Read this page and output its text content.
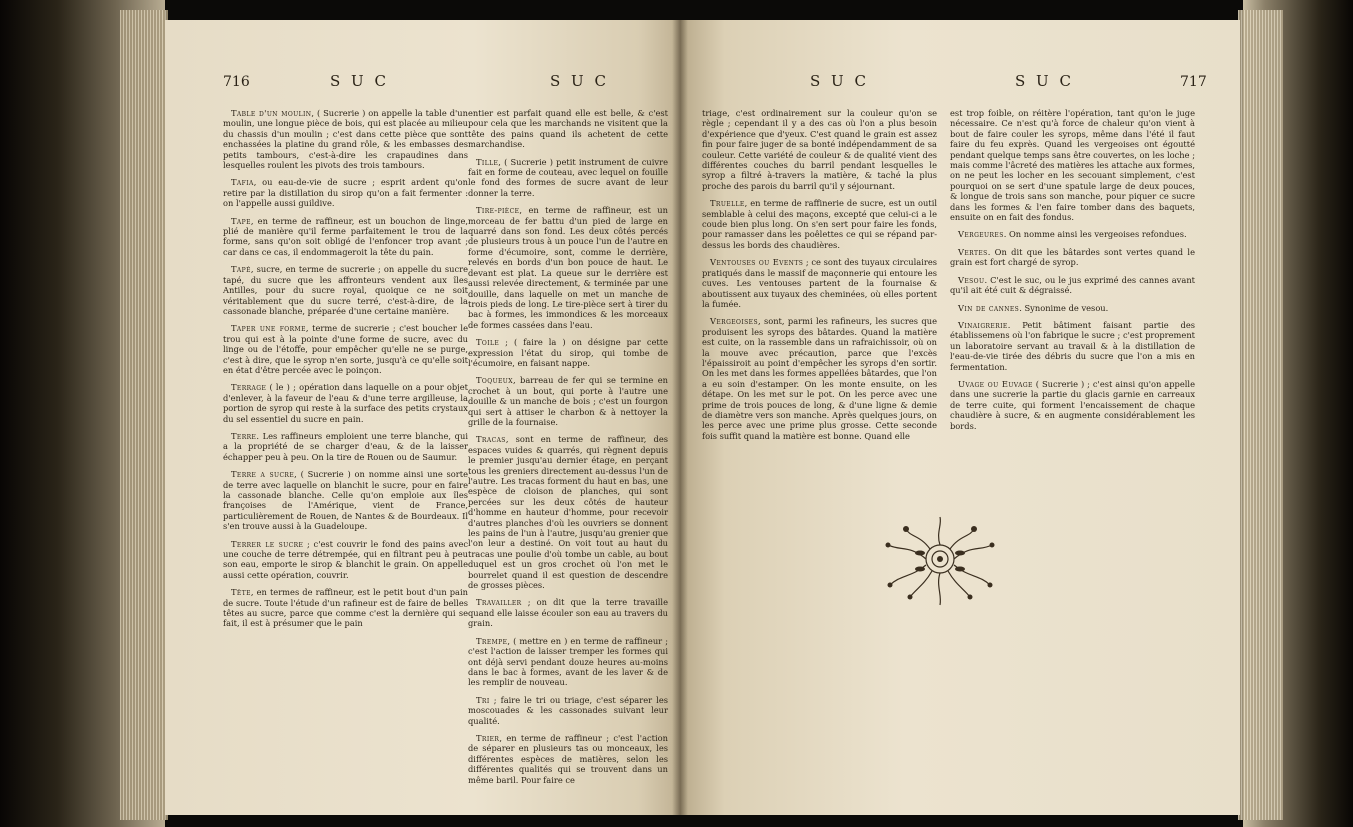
716	S U C	S U C

Table d'un moulin, ( Sucrerie ) on appelle la table d'un moulin, une longue pièce de bois, qui est placée au milieu du chassis d'un moulin ; c'est dans cette pièce que sont enchassées la platine du grand rôle, & les embasses des petits tambours, c'est-à-dire les crapaudines dans lesquelles roulent les pivots des trois tambours.

Tafia, ou eau-de-vie de sucre ; esprit ardent qu'on retire par la distillation du sirop qu'on a fait fermenter : on l'appelle aussi guildive.

Tape, en terme de raffineur, est un bouchon de linge, plié de manière qu'il ferme parfaitement le trou de la forme, sans qu'on soit obligé de l'enfoncer trop avant ; car dans ce cas, il endommageroit la tête du pain.

Tapé, sucre, en terme de sucrerie ; on appelle du sucre tapé, du sucre que les affronteurs vendent aux îles Antilles, pour du sucre royal, quoique ce ne soit véritablement que du sucre terré, c'est-à-dire, de la cassonade blanche, préparée d'une certaine manière.

Taper une forme, terme de sucrerie ; c'est boucher le trou qui est à la pointe d'une forme de sucre, avec du linge ou de l'étoffe, pour empêcher qu'elle ne se purge, c'est à dire, que le syrop n'en sorte, jusqu'à ce qu'elle soit en état d'être percée avec le poinçon.

Terrage ( le ) ; opération dans laquelle on a pour objet d'enlever, à la faveur de l'eau & d'une terre argilleuse, la portion de syrop qui reste à la surface des petits crystaux du sel essentiel du sucre en pain.

Terre. Les raffineurs emploient une terre blanche, qui a la propriété de se charger d'eau, & de la laisser échapper peu à peu. On la tire de Rouen ou de Saumur.

Terre a sucre, ( Sucrerie ) on nomme ainsi une sorte de terre avec laquelle on blanchit le sucre, pour en faire la cassonade blanche. Celle qu'on emploie aux îles françoises de l'Amérique, vient de France, particulièrement de Rouen, de Nantes & de Bourdeaux. Il s'en trouve aussi à la Guadeloupe.

Terrer le sucre ; c'est couvrir le fond des pains avec une couche de terre détrempée, qui en filtrant peu à peu son eau, emporte le sirop & blanchit le grain. On appelle aussi cette opération, couvrir.

Tête, en termes de raffineur, est le petit bout d'un pain de sucre. Toute l'étude d'un rafineur est de faire de belles têtes au sucre, parce que comme c'est la dernière qui se fait, il est à présumer que le pain

entier est parfait quand elle est belle, & c'est pour cela que les marchands ne visitent que la tête des pains quand ils achetent de cette marchandise.

Tille, ( Sucrerie ) petit instrument de cuivre fait en forme de couteau, avec lequel on fouille le fond des formes de sucre avant de leur donner la terre.

Tire-pièce, en terme de raffineur, est un morceau de fer battu d'un pied de large en quarré dans son fond. Les deux côtés percés de plusieurs trous à un pouce l'un de l'autre en forme d'écumoire, sont, comme le derrière, relevés en bords d'un bon pouce de haut. Le devant est plat. La queue sur le derrière est aussi relevée directement, & terminée par une douille, dans laquelle on met un manche de trois pieds de long. Le tire-pièce sert à tirer du bac à formes, les immondices & les morceaux de formes cassées dans l'eau.

Toile ; ( faire la ) on désigne par cette expression l'état du sirop, qui tombe de l'écumoire, en faisant nappe.

Toqueux, barreau de fer qui se termine en crochet à un bout, qui porte à l'autre une douille & un manche de bois ; c'est un fourgon qui sert à attiser le charbon & à nettoyer la grille de la fournaise.

Tracas, sont en terme de raffineur, des espaces vuides & quarrés, qui règnent depuis le premier jusqu'au dernier étage, en perçant tous les greniers directement au-dessus l'un de l'autre. Les tracas forment du haut en bas, une espèce de cloison de planches, qui sont percées sur les deux côtés de hauteur d'homme en hauteur d'homme, pour recevoir d'autres planches d'où les ouvriers se donnent les pains de l'un à l'autre, jusqu'au grenier que l'on leur a destiné. On voit tout au haut du tracas une poulie d'où tombe un cable, au bout duquel est un gros crochet où l'on met le bourrelet quand il est question de descendre de grosses pièces.

Travailler ; on dit que la terre travaille quand elle laisse écouler son eau au travers du grain.

Trempe, ( mettre en ) en terme de raffineur ; c'est l'action de laisser tremper les formes qui ont déjà servi pendant douze heures au-moins dans le bac à formes, avant de les laver & de les remplir de nouveau.

Tri ; faire le tri ou triage, c'est séparer les moscouades & les cassonades suivant leur qualité.

Trier, en terme de raffineur ; c'est l'action de séparer en plusieurs tas ou monceaux, les différentes espèces de matières, selon les différentes qualités qui se trouvent dans un même baril. Pour faire ce

S U C	S U C	717

triage, c'est ordinairement sur la couleur qu'on se règle ; cependant il y a des cas où l'on a plus besoin d'expérience que d'yeux. C'est quand le grain est assez fin pour faire juger de sa bonté indépendamment de sa couleur. Cette variété de couleur & de qualité vient des différentes couches du barril pendant lesquelles le syrop a filtré à-travers la matière, & taché la plus proche des parois du barril qu'il y séjournant.

Truelle, en terme de raffinerie de sucre, est un outil semblable à celui des maçons, excepté que celui-ci a le coude bien plus long. On s'en sert pour faire les fonds, pour ramasser dans les poêlettes ce qui se répand par-dessus les bords des chaudières.

Ventouses ou Events ; ce sont des tuyaux circulaires pratiqués dans le massif de maçonnerie qui entoure les cuves. Les ventouses partent de la fournaise & aboutissent aux tuyaux des cheminées, où elles portent la fumée.

Vergeoises, sont, parmi les rafineurs, les sucres que produisent les syrops des bâtardes. Quand la matière est cuite, on la rassemble dans un rafraichissoir, où on la mouve avec précaution, parce que l'excès l'épaissiroit au point d'empêcher les syrops d'en sortir. On les met dans les formes appellées bâtardes, que l'on a eu soin d'estamper. On les monte ensuite, on les détape. On les met sur le pot. On les perce avec une prime de trois pouces de long, & d'une ligne & demie de diamètre vers son manche. Après quelques jours, on les perce avec une prime plus grosse. Cette seconde fois suffit quand la matière est bonne. Quand elle

est trop foible, on réitère l'opération, tant qu'on le juge nécessaire. Ce n'est qu'à force de chaleur qu'on vient à bout de faire couler les syrops, même dans l'été il faut faire du feu exprès. Quand les vergeoises ont égoutté pendant quelque temps sans être couvertes, on les loche ; mais comme l'âcreté des matières les attache aux formes, on ne peut les locher en les secouant simplement, c'est pourquoi on se sert d'une spatule large de deux pouces, & longue de trois sans son manche, pour piquer ce sucre dans les formes & l'en faire tomber dans des baquets, ensuite on en fait des fondus.

Vergeures. On nomme ainsi les vergeoises refondues.

Vertes. On dit que les bâtardes sont vertes quand le grain est fort chargé de syrop.

Vesou. C'est le suc, ou le jus exprimé des cannes avant qu'il ait été cuit & dégraissé.

Vin de cannes. Synonime de vesou.

Vinaigrerie. Petit bâtiment faisant partie des établissemens où l'on fabrique le sucre ; c'est proprement un laboratoire servant au travail & à la distillation de l'eau-de-vie tirée des débris du sucre que l'on a mis en fermentation.

Uvage ou Euvage ( Sucrerie ) ; c'est ainsi qu'on appelle dans une sucrerie la partie du glacis garnie en carreaux de terre cuite, qui forment l'encaissement de chaque chaudière à sucre, & en augmente considérablement les bords.
